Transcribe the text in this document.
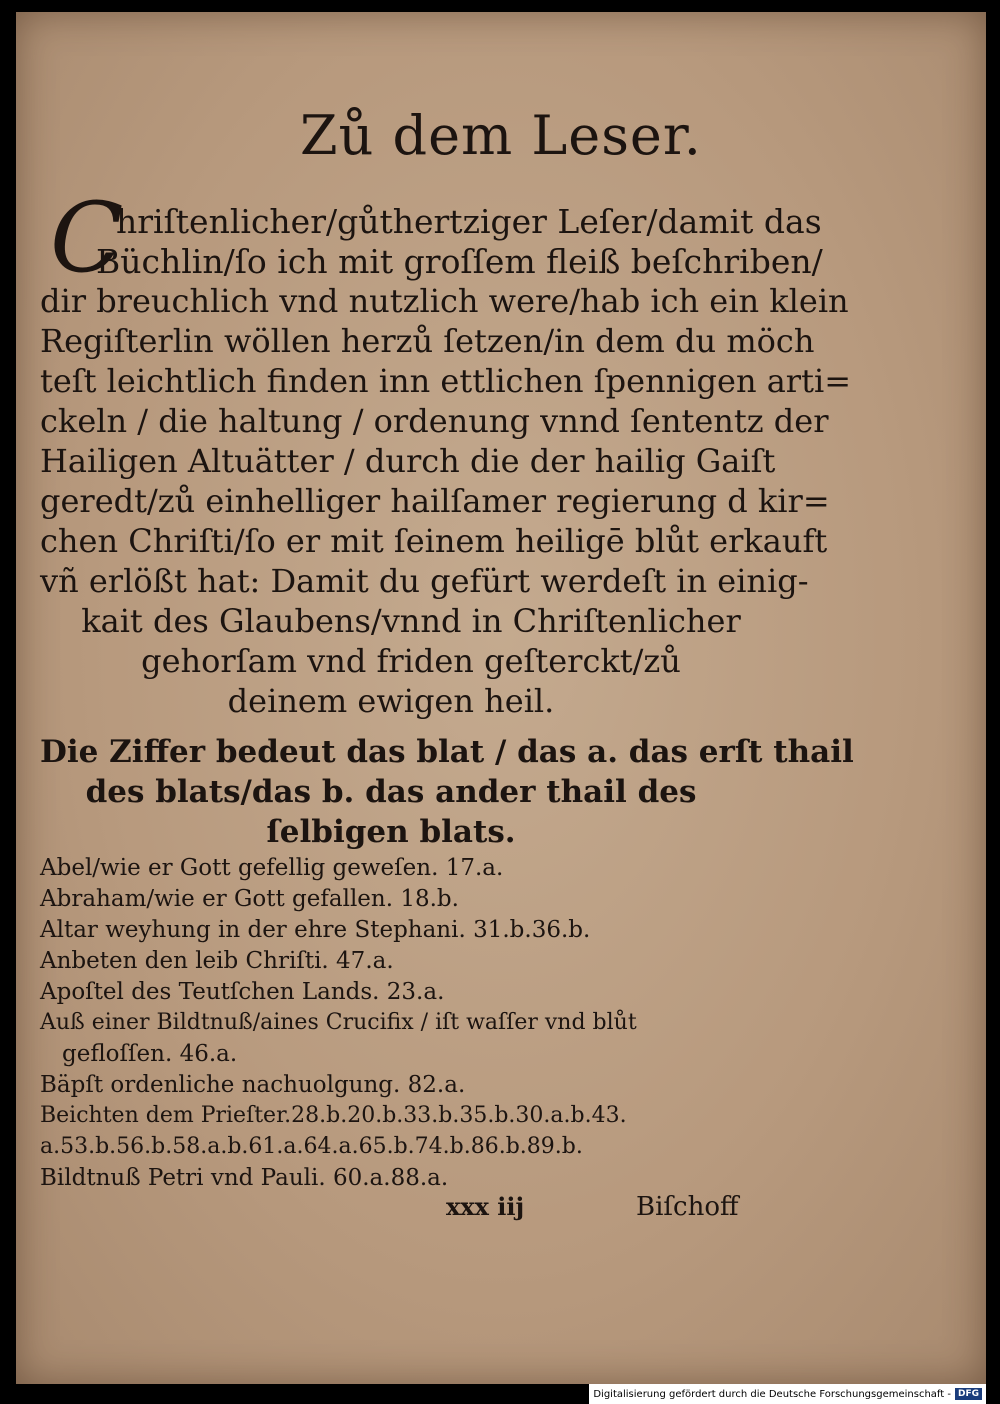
Zů dem Leser.
C
hriſtenlicher/gůthertziger Leſer/damit das
Büchlin/ſo ich mit groſſem fleiß beſchriben/
dir breuchlich vnd nutzlich were/hab ich ein klein
Regiſterlin wöllen herzů ſetzen/in dem du möch
teſt leichtlich finden inn ettlichen ſpennigen arti=
ckeln / die haltung / ordenung vnnd ſententz der
Hailigen Altuätter / durch die der hailig Gaiſt
geredt/zů einhelliger hailſamer regierung d kir=
chen Chriſti/ſo er mit ſeinem heiligē blůt erkauft
vñ erlößt hat: Damit du gefürt werdeſt in einig-
kait des Glaubens/vnnd in Chriſtenlicher
gehorſam vnd friden geſterckt/zů
deinem ewigen heil.
Die Ziffer bedeut das blat / das a. das erſt thail
des blats/das b. das ander thail des
ſelbigen blats.
Abel/wie er Gott gefellig geweſen. 17.a.
Abraham/wie er Gott gefallen. 18.b.
Altar weyhung in der ehre Stephani. 31.b.36.b.
Anbeten den leib Chriſti. 47.a.
Apoſtel des Teutſchen Lands. 23.a.
Auß einer Bildtnuß/aines Crucifix / iſt waſſer vnd blůt
gefloſſen. 46.a.
Bäpſt ordenliche nachuolgung. 82.a.
Beichten dem Prieſter.28.b.20.b.33.b.35.b.30.a.b.43.
a.53.b.56.b.58.a.b.61.a.64.a.65.b.74.b.86.b.89.b.
Bildtnuß Petri vnd Pauli. 60.a.88.a.
xxx iij	Biſchoff
Digitalisierung gefördert durch die Deutsche Forschungsgemeinschaft - DFG
